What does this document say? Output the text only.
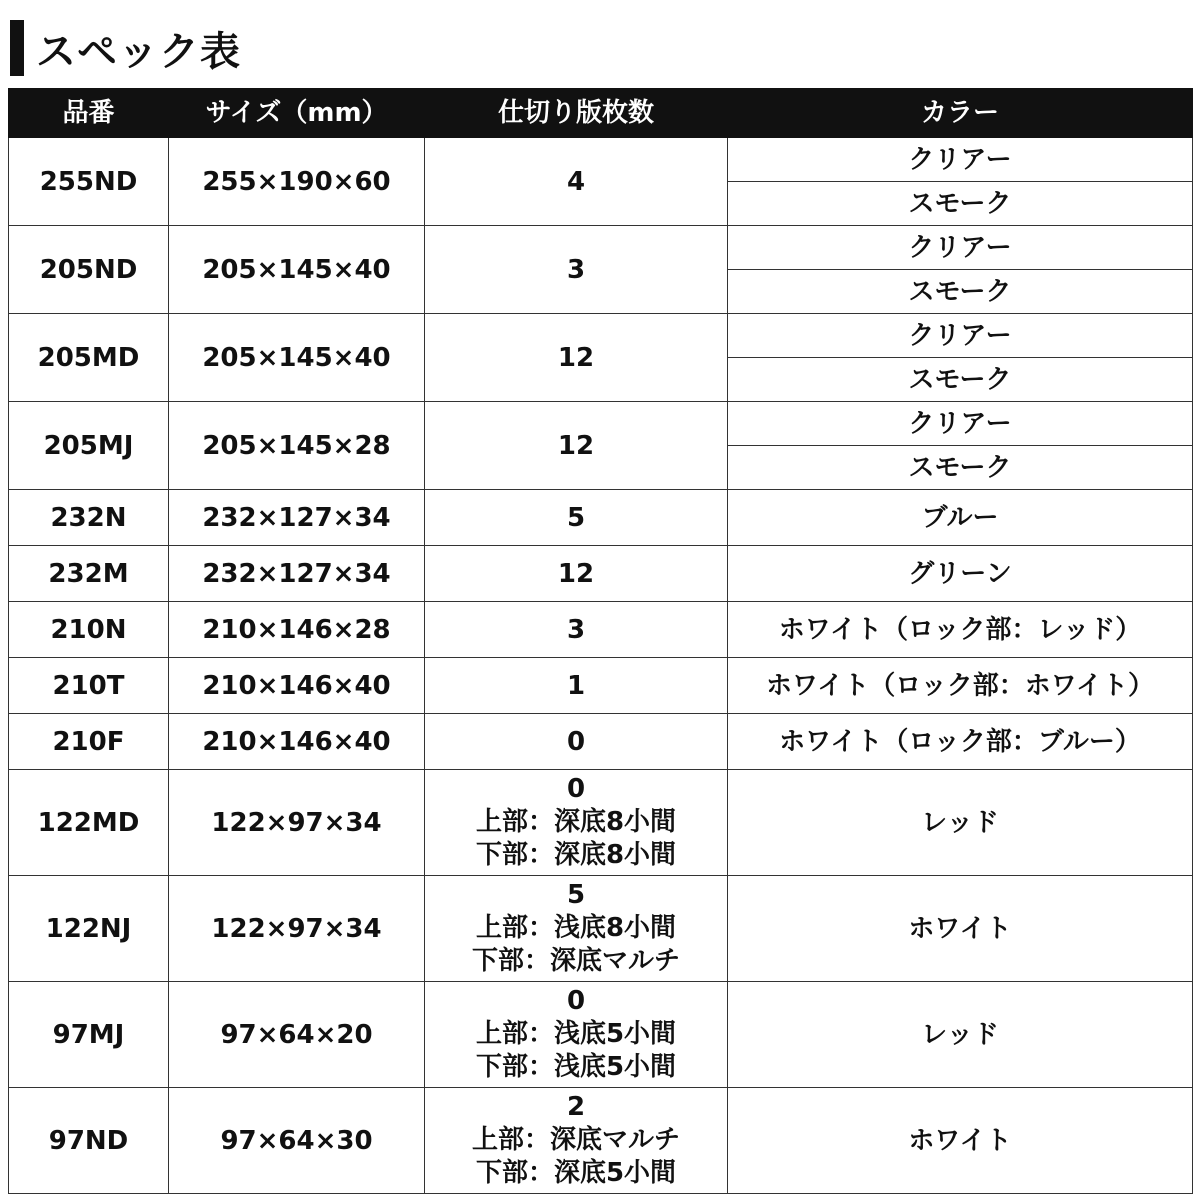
スペック表
品番	サイズ（mm）	仕切り版枚数	カラー
255ND	255×190×60	4	クリアー
スモーク

205ND	205×145×40	3	クリアー
スモーク

205MD	205×145×40	12	クリアー
スモーク

205MJ	205×145×28	12	クリアー
スモーク

232N	232×127×34	5	ブルー
232M	232×127×34	12	グリーン
210N	210×146×28	3	ホワイト（ロック部：レッド）
210T	210×146×40	1	ホワイト（ロック部：ホワイト）
210F	210×146×40	0	ホワイト（ロック部：ブルー）
122MD	122×97×34	0
上部：深底8小間
下部：深底8小間	レッド
122NJ	122×97×34	5
上部：浅底8小間
下部：深底マルチ	ホワイト
97MJ	97×64×20	0
上部：浅底5小間
下部：浅底5小間	レッド
97ND	97×64×30	2
上部：深底マルチ
下部：深底5小間	ホワイト
